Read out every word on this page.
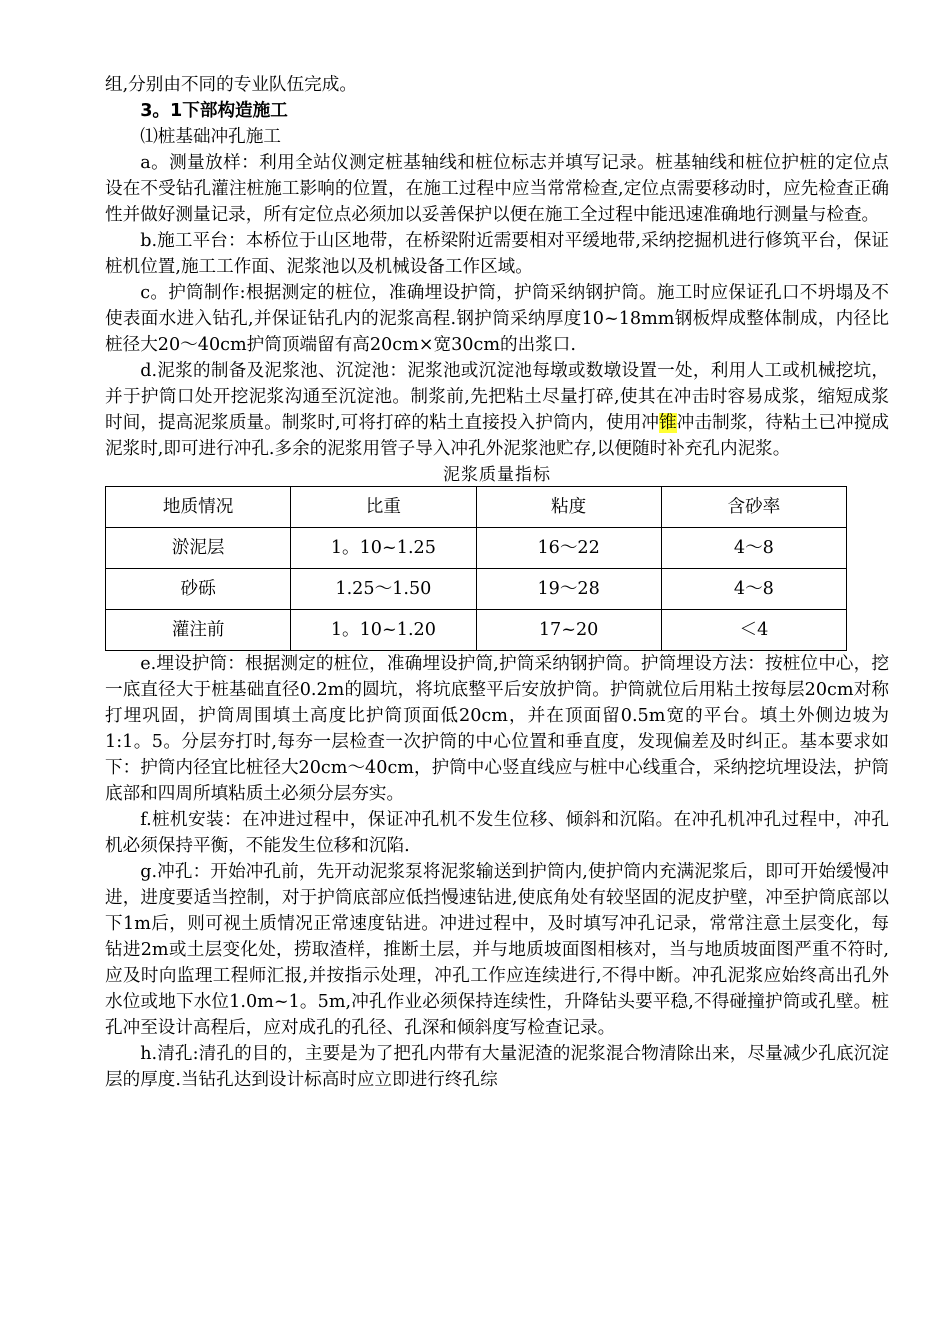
组,分别由不同的专业队伍完成。

3。1下部构造施工

⑴桩基础冲孔施工

a。测量放样：利用全站仪测定桩基轴线和桩位标志并填写记录。桩基轴线和桩位护桩的定位点设在不受钻孔灌注桩施工影响的位置，在施工过程中应当常常检查,定位点需要移动时，应先检查正确性并做好测量记录，所有定位点必须加以妥善保护以便在施工全过程中能迅速准确地行测量与检查。

b.施工平台：本桥位于山区地带，在桥梁附近需要相对平缓地带,采纳挖掘机进行修筑平台，保证桩机位置,施工工作面、泥浆池以及机械设备工作区域。

c。护筒制作:根据测定的桩位，准确埋设护筒，护筒采纳钢护筒。施工时应保证孔口不坍塌及不使表面水进入钻孔,并保证钻孔内的泥浆高程.钢护筒采纳厚度10~18mm钢板焊成整体制成，内径比桩径大20～40cm护筒顶端留有高20cm×宽30cm的出浆口.

d.泥浆的制备及泥浆池、沉淀池：泥浆池或沉淀池每墩或数墩设置一处，利用人工或机械挖坑，并于护筒口处开挖泥浆沟通至沉淀池。制浆前,先把粘土尽量打碎,使其在冲击时容易成浆，缩短成浆时间，提高泥浆质量。制浆时,可将打碎的粘土直接投入护筒内，使用冲锥冲击制浆，待粘土已冲搅成泥浆时,即可进行冲孔.多余的泥浆用管子导入冲孔外泥浆池贮存,以便随时补充孔内泥浆。

泥浆质量指标
地质情况	比重	粘度	含砂率
淤泥层	1。10~1.25	16～22	4～8
砂砾	1.25～1.50	19～28	4～8
灌注前	1。10~1.20	17~20	＜4

e.埋设护筒：根据测定的桩位，准确埋设护筒,护筒采纳钢护筒。护筒埋设方法：按桩位中心，挖一底直径大于桩基础直径0.2m的圆坑，将坑底整平后安放护筒。护筒就位后用粘土按每层20cm对称打埋巩固，护筒周围填土高度比护筒顶面低20cm，并在顶面留0.5m宽的平台。填土外侧边坡为1:1。5。分层夯打时,每夯一层检查一次护筒的中心位置和垂直度，发现偏差及时纠正。基本要求如下：护筒内径宜比桩径大20cm～40cm，护筒中心竖直线应与桩中心线重合，采纳挖坑埋设法，护筒底部和四周所填粘质土必须分层夯实。

f.桩机安装：在冲进过程中，保证冲孔机不发生位移、倾斜和沉陷。在冲孔机冲孔过程中，冲孔机必须保持平衡，不能发生位移和沉陷.

g.冲孔：开始冲孔前，先开动泥浆泵将泥浆输送到护筒内,使护筒内充满泥浆后，即可开始缓慢冲进，进度要适当控制，对于护筒底部应低挡慢速钻进,使底角处有较坚固的泥皮护壁，冲至护筒底部以下1m后，则可视土质情况正常速度钻进。冲进过程中，及时填写冲孔记录，常常注意土层变化，每钻进2m或土层变化处，捞取渣样，推断土层，并与地质坡面图相核对，当与地质坡面图严重不符时,应及时向监理工程师汇报,并按指示处理，冲孔工作应连续进行,不得中断。冲孔泥浆应始终高出孔外水位或地下水位1.0m~1。5m,冲孔作业必须保持连续性，升降钻头要平稳,不得碰撞护筒或孔壁。桩孔冲至设计高程后，应对成孔的孔径、孔深和倾斜度写检查记录。

h.清孔:清孔的目的，主要是为了把孔内带有大量泥渣的泥浆混合物清除出来，尽量减少孔底沉淀层的厚度.当钻孔达到设计标高时应立即进行终孔综
